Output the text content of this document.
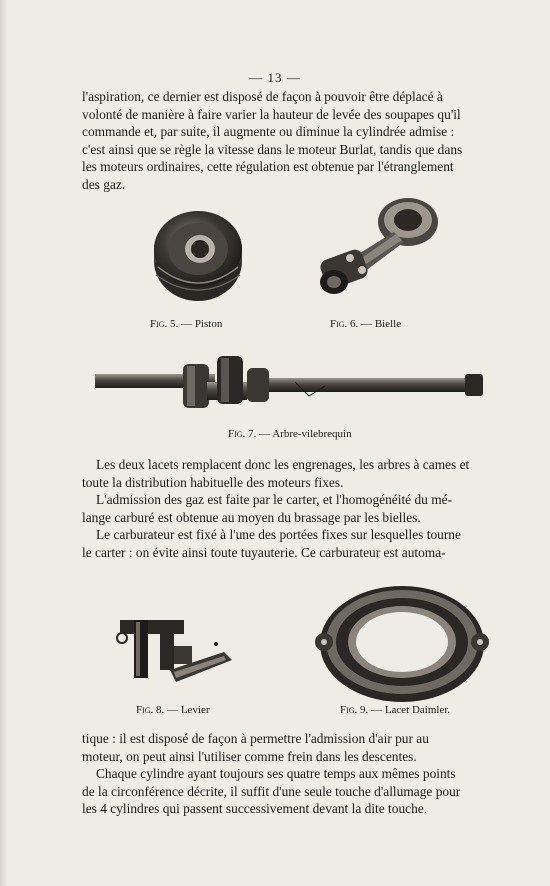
— 13 —

l'aspiration, ce dernier est disposé de façon à pouvoir être déplacé à
volonté de manière à faire varier la hauteur de levée des soupapes qu'il
commande et, par suite, il augmente ou diminue la cylindrée admise :
c'est ainsi que se règle la vitesse dans le moteur Burlat, tandis que dans
les moteurs ordinaires, cette régulation est obtenue par l'étranglement
des gaz.

Fig. 5. — Piston	Fig. 6. — Bielle
Fig. 7. — Arbre-vilebrequin

Les deux lacets remplacent donc les engrenages, les arbres à cames et
toute la distribution habituelle des moteurs fixes.
L'admission des gaz est faite par le carter, et l'homogénéité du mé-
lange carburé est obtenue au moyen du brassage par les bielles.
Le carburateur est fixé à l'une des portées fixes sur lesquelles tourne
le carter : on évite ainsi toute tuyauterie. Ce carburateur est automa-

Fig. 8. — Levier	Fig. 9. — Lacet Daimler.

tique : il est disposé de façon à permettre l'admission d'air pur au
moteur, on peut ainsi l'utiliser comme frein dans les descentes.
Chaque cylindre ayant toujours ses quatre temps aux mêmes points
de la circonférence décrite, il suffit d'une seule touche d'allumage pour
les 4 cylindres qui passent successivement devant la dite touche.
